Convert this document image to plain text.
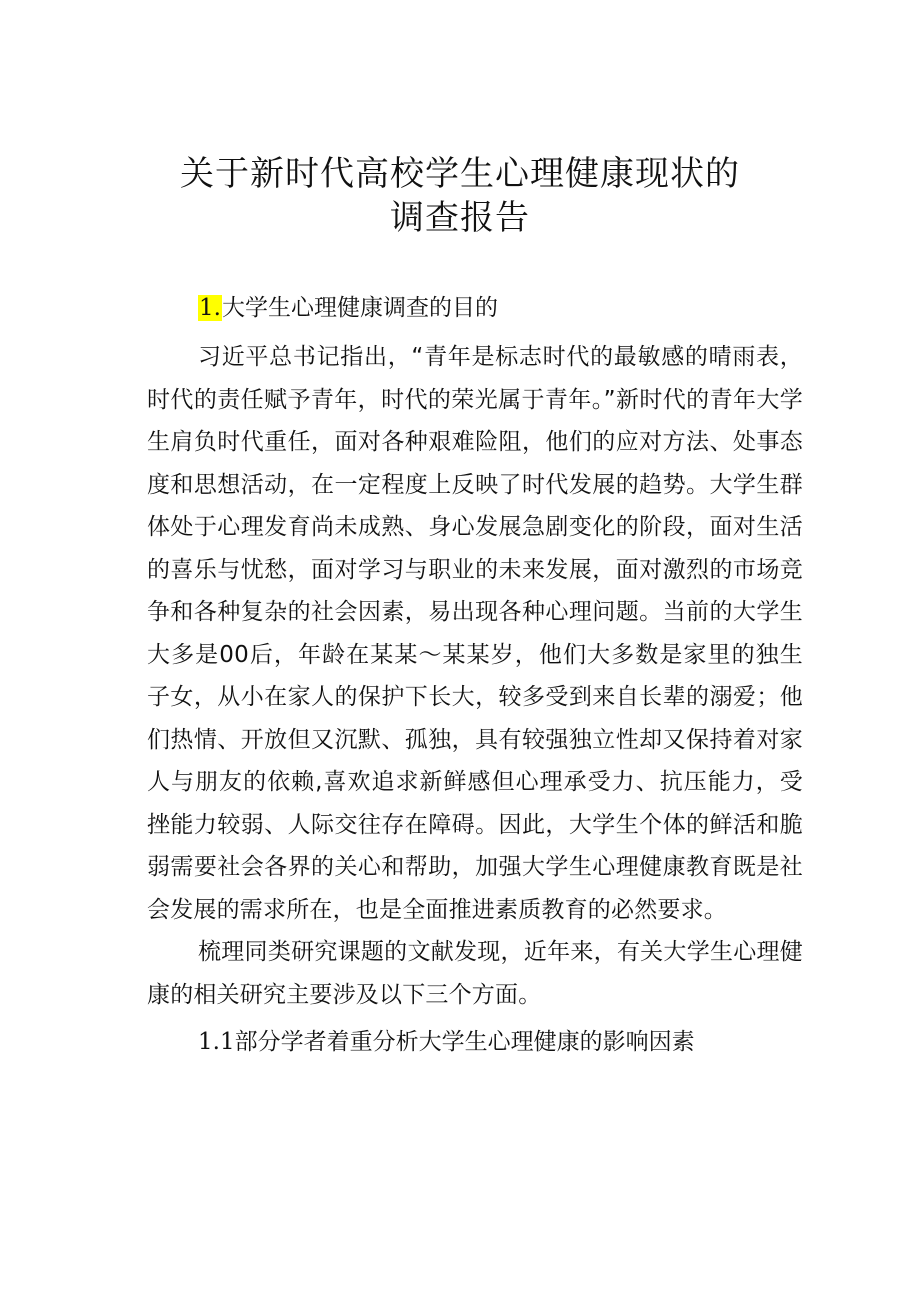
关于新时代高校学生心理健康现状的
调查报告
1.大学生心理健康调查的目的

习近平总书记指出，“青年是标志时代的最敏感的晴雨表，时代的责任赋予青年，时代的荣光属于青年。”新时代的青年大学生肩负时代重任，面对各种艰难险阻，他们的应对方法、处事态度和思想活动，在一定程度上反映了时代发展的趋势。大学生群体处于心理发育尚未成熟、身心发展急剧变化的阶段，面对生活的喜乐与忧愁，面对学习与职业的未来发展，面对激烈的市场竞争和各种复杂的社会因素，易出现各种心理问题。当前的大学生大多是00后，年龄在某某〜某某岁，他们大多数是家里的独生子女，从小在家人的保护下长大，较多受到来自长辈的溺爱；他们热情、开放但又沉默、孤独，具有较强独立性却又保持着对家人与朋友的依赖,喜欢追求新鲜感但心理承受力、抗压能力，受挫能力较弱、人际交往存在障碍。因此，大学生个体的鲜活和脆弱需要社会各界的关心和帮助，加强大学生心理健康教育既是社会发展的需求所在，也是全面推进素质教育的必然要求。

梳理同类研究课题的文献发现，近年来，有关大学生心理健康的相关研究主要涉及以下三个方面。

1.1部分学者着重分析大学生心理健康的影响因素
